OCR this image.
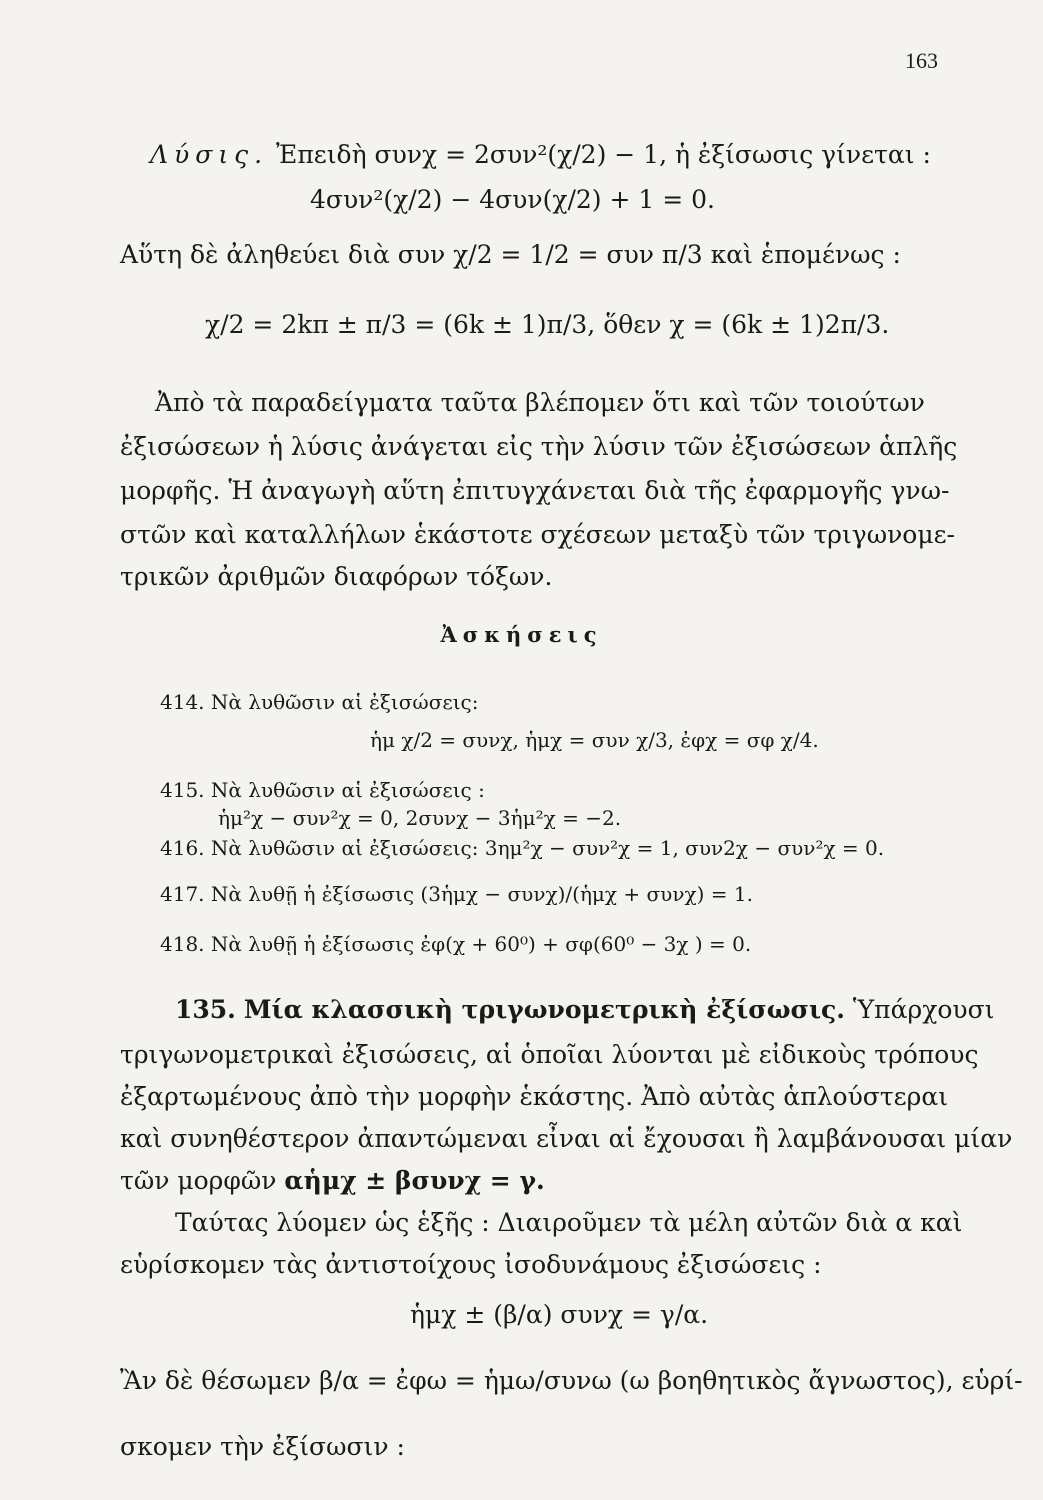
163
Λύσις. Ἐπειδὴ συνχ = 2συν²(χ/2) − 1, ἡ ἐξίσωσις γίνεται :
4συν²(χ/2) − 4συν(χ/2) + 1 = 0.
Αὕτη δὲ ἀληθεύει διὰ συν χ/2 = 1/2 = συν π/3 καὶ ἑπομένως :
χ/2 = 2kπ ± π/3 = (6k ± 1)π/3, ὅθεν χ = (6k ± 1)2π/3.
Ἀπὸ τὰ παραδείγματα ταῦτα βλέπομεν ὅτι καὶ τῶν τοιούτων
ἐξισώσεων ἡ λύσις ἀνάγεται εἰς τὴν λύσιν τῶν ἐξισώσεων ἁπλῆς
μορφῆς. Ἡ ἀναγωγὴ αὕτη ἐπιτυγχάνεται διὰ τῆς ἐφαρμογῆς γνω-
στῶν καὶ καταλλήλων ἑκάστοτε σχέσεων μεταξὺ τῶν τριγωνομε-
τρικῶν ἀριθμῶν διαφόρων τόξων.
Ἀσκήσεις
414. Νὰ λυθῶσιν αἱ ἐξισώσεις:
ἡμ χ/2 = συνχ, ἡμχ = συν χ/3, ἐφχ = σφ χ/4.
415. Νὰ λυθῶσιν αἱ ἐξισώσεις :
ἡμ²χ − συν²χ = 0, 2συνχ − 3ἡμ²χ = −2.
416. Νὰ λυθῶσιν αἱ ἐξισώσεις: 3ημ²χ − συν²χ = 1, συν2χ − συν²χ = 0.
417. Νὰ λυθῇ ἡ ἐξίσωσις (3ἡμχ − συνχ)/(ἡμχ + συνχ) = 1.
418. Νὰ λυθῇ ἡ ἐξίσωσις ἐφ(χ + 60⁰) + σφ(60⁰ − 3χ ) = 0.
135. Μία κλασσικὴ τριγωνομετρικὴ ἐξίσωσις. Ὑπάρχουσι
τριγωνομετρικαὶ ἐξισώσεις, αἱ ὁποῖαι λύονται μὲ εἰδικοὺς τρόπους
ἐξαρτωμένους ἀπὸ τὴν μορφὴν ἑκάστης. Ἀπὸ αὐτὰς ἁπλούστεραι
καὶ συνηθέστερον ἀπαντώμεναι εἶναι αἱ ἔχουσαι ἢ λαμβάνουσαι μίαν
τῶν μορφῶν αἡμχ ± βσυνχ = γ.
Ταύτας λύομεν ὡς ἑξῆς : Διαιροῦμεν τὰ μέλη αὐτῶν διὰ α καὶ
εὑρίσκομεν τὰς ἀντιστοίχους ἰσοδυνάμους ἐξισώσεις :
ἡμχ ± (β/α) συνχ = γ/α.
Ἂν δὲ θέσωμεν β/α = ἐφω = ἡμω/συνω (ω βοηθητικὸς ἄγνωστος), εὑρί-
σκομεν τὴν ἐξίσωσιν :
